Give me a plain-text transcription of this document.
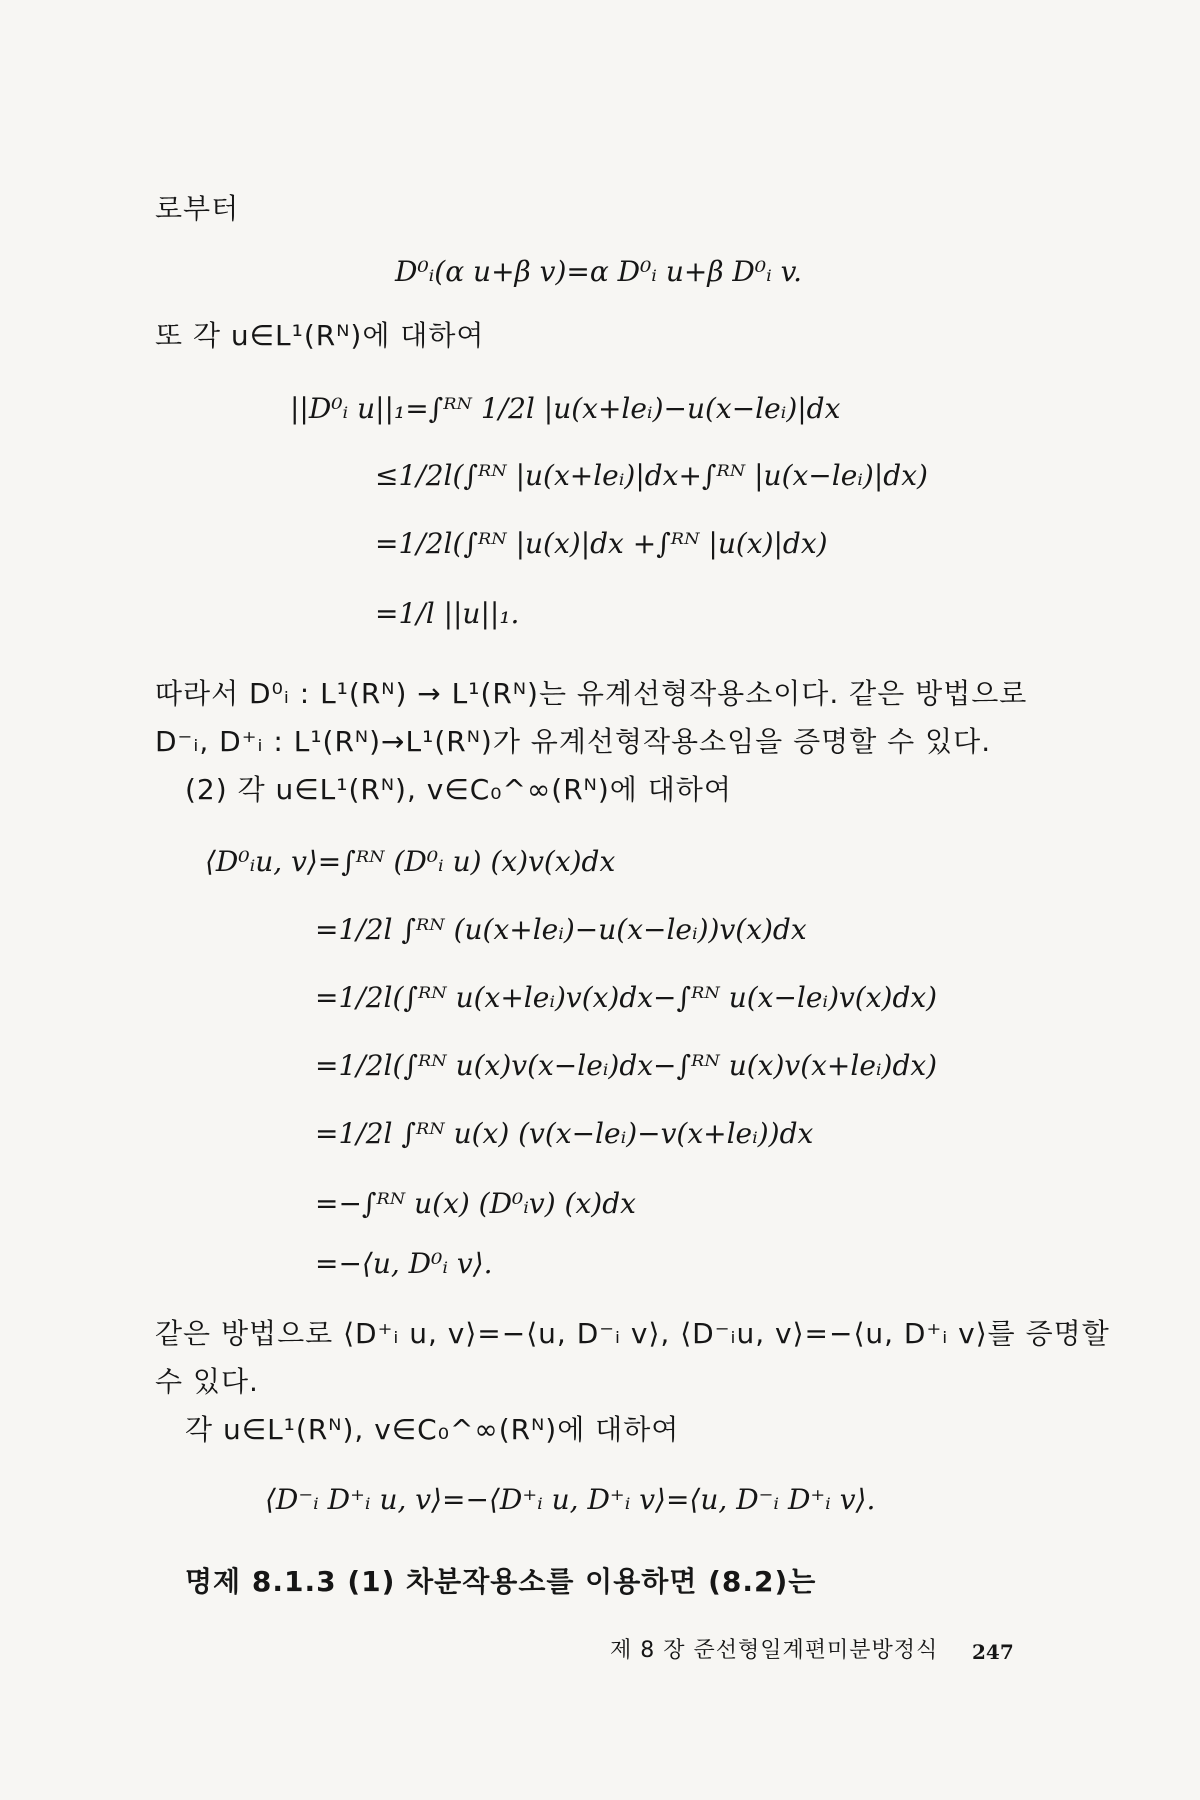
로부터
D⁰ᵢ(α u+β v)=α D⁰ᵢ u+β D⁰ᵢ v.
또 각 u∈L¹(Rᴺ)에 대하여
||D⁰ᵢ u||₁=∫ᴿᴺ 1/2l |u(x+leᵢ)−u(x−leᵢ)|dx
≤1/2l(∫ᴿᴺ |u(x+leᵢ)|dx+∫ᴿᴺ |u(x−leᵢ)|dx)
=1/2l(∫ᴿᴺ |u(x)|dx +∫ᴿᴺ |u(x)|dx)
=1/l ||u||₁.
따라서 D⁰ᵢ : L¹(Rᴺ) → L¹(Rᴺ)는 유계선형작용소이다. 같은 방법으로
D⁻ᵢ, D⁺ᵢ : L¹(Rᴺ)→L¹(Rᴺ)가 유계선형작용소임을 증명할 수 있다.
(2) 각 u∈L¹(Rᴺ), v∈C₀^∞(Rᴺ)에 대하여
⟨D⁰ᵢu, v⟩=∫ᴿᴺ (D⁰ᵢ u) (x)v(x)dx
=1/2l ∫ᴿᴺ (u(x+leᵢ)−u(x−leᵢ))v(x)dx
=1/2l(∫ᴿᴺ u(x+leᵢ)v(x)dx−∫ᴿᴺ u(x−leᵢ)v(x)dx)
=1/2l(∫ᴿᴺ u(x)v(x−leᵢ)dx−∫ᴿᴺ u(x)v(x+leᵢ)dx)
=1/2l ∫ᴿᴺ u(x) (v(x−leᵢ)−v(x+leᵢ))dx
=−∫ᴿᴺ u(x) (D⁰ᵢv) (x)dx
=−⟨u, D⁰ᵢ v⟩.
같은 방법으로 ⟨D⁺ᵢ u, v⟩=−⟨u, D⁻ᵢ v⟩, ⟨D⁻ᵢu, v⟩=−⟨u, D⁺ᵢ v⟩를 증명할
수 있다.
각 u∈L¹(Rᴺ), v∈C₀^∞(Rᴺ)에 대하여
⟨D⁻ᵢ D⁺ᵢ u, v⟩=−⟨D⁺ᵢ u, D⁺ᵢ v⟩=⟨u, D⁻ᵢ D⁺ᵢ v⟩.
명제 8.1.3 (1) 차분작용소를 이용하면 (8.2)는
제 8 장 준선형일계편미분방정식 247
